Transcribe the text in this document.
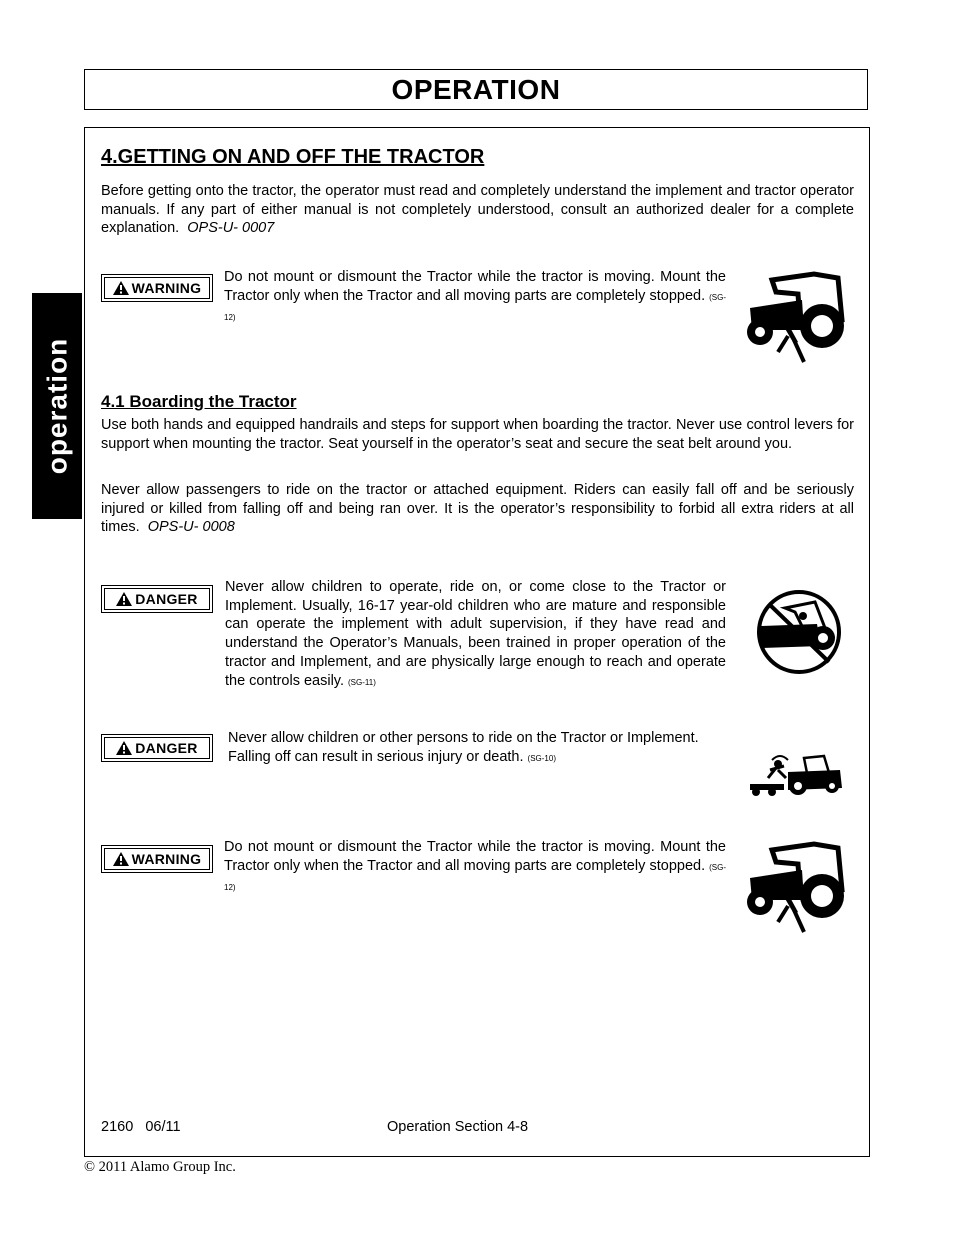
OPERATION
operation
4.GETTING ON AND OFF THE TRACTOR
Before getting onto the tractor, the operator must read and completely understand the implement and tractor operator manuals. If any part of either manual is not completely understood, consult an authorized dealer for a complete explanation. OPS-U- 0007
WARNING
Do not mount or dismount the Tractor while the tractor is moving. Mount the Tractor only when the Tractor and all moving parts are completely stopped. (SG-12)
4.1 Boarding the Tractor
Use both hands and equipped handrails and steps for support when boarding the tractor. Never use control levers for support when mounting the tractor. Seat yourself in the operator’s seat and secure the seat belt around you.
Never allow passengers to ride on the tractor or attached equipment. Riders can easily fall off and be seriously injured or killed from falling off and being ran over. It is the operator’s responsibility to forbid all extra riders at all times. OPS-U- 0008
DANGER
Never allow children to operate, ride on, or come close to the Tractor or Implement. Usually, 16-17 year-old children who are mature and responsible can operate the implement with adult supervision, if they have read and understand the Operator’s Manuals, been trained in proper operation of the tractor and Implement, and are physically large enough to reach and operate the controls easily. (SG-11)
DANGER
Never allow children or other persons to ride on the Tractor or Implement. Falling off can result in serious injury or death. (SG-10)
WARNING
Do not mount or dismount the Tractor while the tractor is moving. Mount the Tractor only when the Tractor and all moving parts are completely stopped. (SG-12)
2160   06/11	Operation Section 4-8
© 2011 Alamo Group Inc.
